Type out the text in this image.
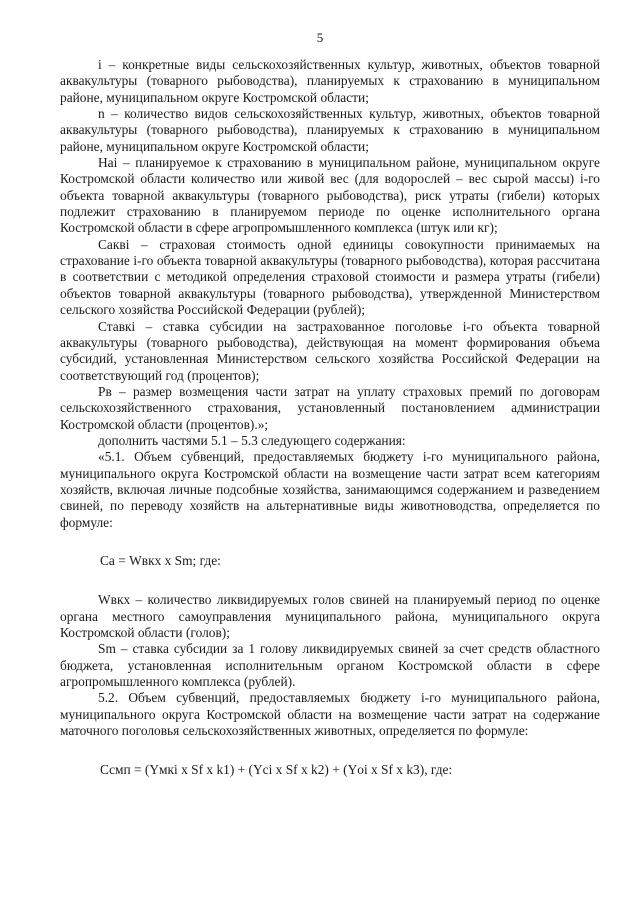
5

i – конкретные виды сельскохозяйственных культур, животных, объектов товарной аквакультуры (товарного рыбоводства), планируемых к страхованию в муниципальном районе, муниципальном округе Костромской области;

n – количество видов сельскохозяйственных культур, животных, объектов товарной аквакультуры (товарного рыбоводства), планируемых к страхованию в муниципальном районе, муниципальном округе Костромской области;

Наi – планируемое к страхованию в муниципальном районе, муниципальном округе Костромской области количество или живой вес (для водорослей – вес сырой массы) i-го объекта товарной аквакультуры (товарного рыбоводства), риск утраты (гибели) которых подлежит страхованию в планируемом периоде по оценке исполнительного органа Костромской области в сфере агропромышленного комплекса (штук или кг);

Сакві – страховая стоимость одной единицы совокупности принимаемых на страхование i-го объекта товарной аквакультуры (товарного рыбоводства), которая рассчитана в соответствии с методикой определения страховой стоимости и размера утраты (гибели) объектов товарной аквакультуры (товарного рыбоводства), утвержденной Министерством сельского хозяйства Российской Федерации (рублей);

Ставкі – ставка субсидии на застрахованное поголовье i-го объекта товарной аквакультуры (товарного рыбоводства), действующая на момент формирования объема субсидий, установленная Министерством сельского хозяйства Российской Федерации на соответствующий год (процентов);

Рв – размер возмещения части затрат на уплату страховых премий по договорам сельскохозяйственного страхования, установленный постановлением администрации Костромской области (процентов).»;

дополнить частями 5.1 – 5.3 следующего содержания:

«5.1. Объем субвенций, предоставляемых бюджету i-го муниципального района, муниципального округа Костромской области на возмещение части затрат всем категориям хозяйств, включая личные подсобные хозяйства, занимающимся содержанием и разведением свиней, по переводу хозяйств на альтернативные виды животноводства, определяется по формуле:

Са = Wвкх x Sm; где:

Wвкх – количество ликвидируемых голов свиней на планируемый период по оценке органа местного самоуправления муниципального района, муниципального округа Костромской области (голов);

Sm – ставка субсидии за 1 голову ликвидируемых свиней за счет средств областного бюджета, установленная исполнительным органом Костромской области в сфере агропромышленного комплекса (рублей).

5.2. Объем субвенций, предоставляемых бюджету i-го муниципального района, муниципального округа Костромской области на возмещение части затрат на содержание маточного поголовья сельскохозяйственных животных, определяется по формуле:

Ссмп = (Yмкі x Sf x k1) + (Yсі x Sf x k2) + (Yоі x Sf x k3), где:
